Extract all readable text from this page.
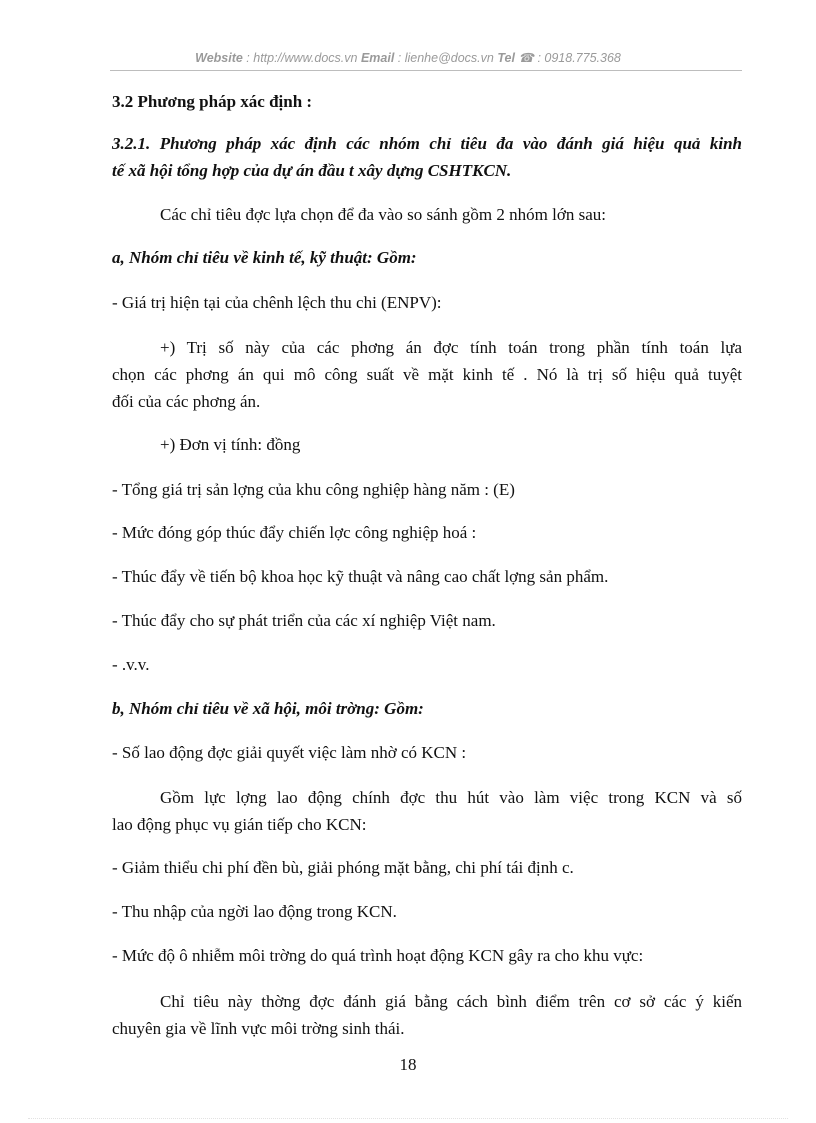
Website : http://www.docs.vn Email : lienhe@docs.vn Tel ☎ : 0918.775.368
3.2 Phương pháp xác định :
3.2.1. Phương pháp xác định các nhóm chỉ tiêu đa vào đánh giá hiệu quả kinh
tế xã hội tổng hợp của dự án đầu t xây dựng CSHTKCN.
Các chỉ tiêu đợc lựa chọn để đa vào so sánh gồm 2 nhóm lớn sau:
a, Nhóm chỉ tiêu về kinh tế, kỹ thuật: Gồm:
- Giá trị hiện tại của chênh lệch thu chi (ENPV):
+) Trị số này của các phơng án đợc tính toán trong phần tính toán lựa
chọn các phơng án qui mô công suất về mặt kinh tế . Nó là trị số hiệu quả tuyệt
đối của các phơng án.
+) Đơn vị tính: đồng
- Tổng giá trị sản lợng của khu công nghiệp hàng năm : (E)
- Mức đóng góp thúc đẩy chiến lợc công nghiệp hoá :
- Thúc đẩy về tiến bộ khoa học kỹ thuật và nâng cao chất lợng sản phẩm.
- Thúc đẩy cho sự phát triển của các xí nghiệp Việt nam.
- .v.v.
b, Nhóm chỉ tiêu về xã hội, môi trờng: Gồm:
- Số lao động đợc giải quyết việc làm nhờ có KCN :
Gồm lực lợng lao động chính đợc thu hút vào làm việc trong KCN và số
lao động phục vụ gián tiếp cho KCN:
- Giảm thiểu chi phí đền bù, giải phóng mặt bằng, chi phí tái định c.
- Thu nhập của ngời lao động trong KCN.
- Mức độ ô nhiễm môi trờng do quá trình hoạt động KCN gây ra cho khu vực:
Chỉ tiêu này thờng đợc đánh giá bằng cách bình điểm trên cơ sở các ý kiến
chuyên gia về lĩnh vực môi trờng sinh thái.
18
